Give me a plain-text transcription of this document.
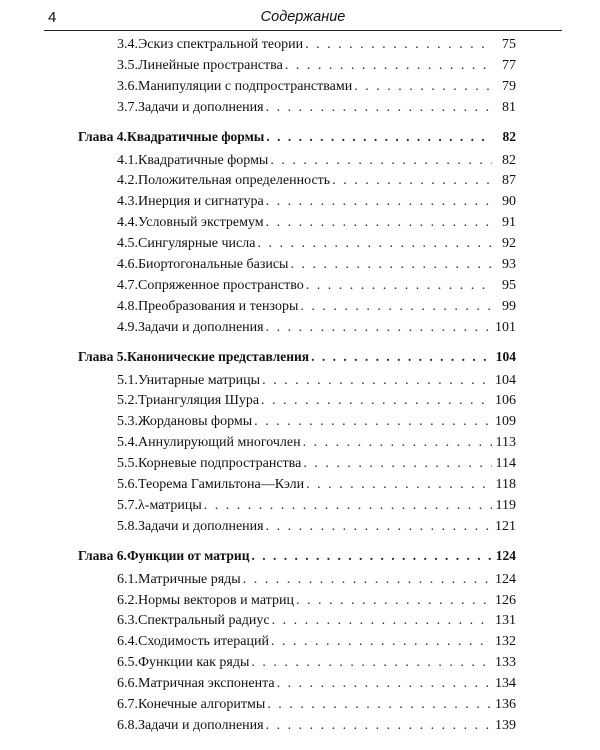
4	Содержание
3.4. Эскиз спектральной теории . . .	75
3.5. Линейные пространства . . .	77
3.6. Манипуляции с подпространствами . . .	79
3.7. Задачи и дополнения . . .	81
Глава 4. Квадратичные формы . . .	82
4.1. Квадратичные формы . . .	82
4.2. Положительная определенность . . .	87
4.3. Инерция и сигнатура . . .	90
4.4. Условный экстремум . . .	91
4.5. Сингулярные числа . . .	92
4.6. Биортогональные базисы . . .	93
4.7. Сопряженное пространство . . .	95
4.8. Преобразования и тензоры . . .	99
4.9. Задачи и дополнения . . .	101
Глава 5. Канонические представления . . .	104
5.1. Унитарные матрицы . . .	104
5.2. Триангуляция Шура . . .	106
5.3. Жордановы формы . . .	109
5.4. Аннулирующий многочлен . . .	113
5.5. Корневые подпространства . . .	114
5.6. Теорема Гамильтона—Кэли . . .	118
5.7. λ-матрицы . . .	119
5.8. Задачи и дополнения . . .	121
Глава 6. Функции от матриц . . .	124
6.1. Матричные ряды . . .	124
6.2. Нормы векторов и матриц . . .	126
6.3. Спектральный радиус . . .	131
6.4. Сходимость итераций . . .	132
6.5. Функции как ряды . . .	133
6.6. Матричная экспонента . . .	134
6.7. Конечные алгоритмы . . .	136
6.8. Задачи и дополнения . . .	139
